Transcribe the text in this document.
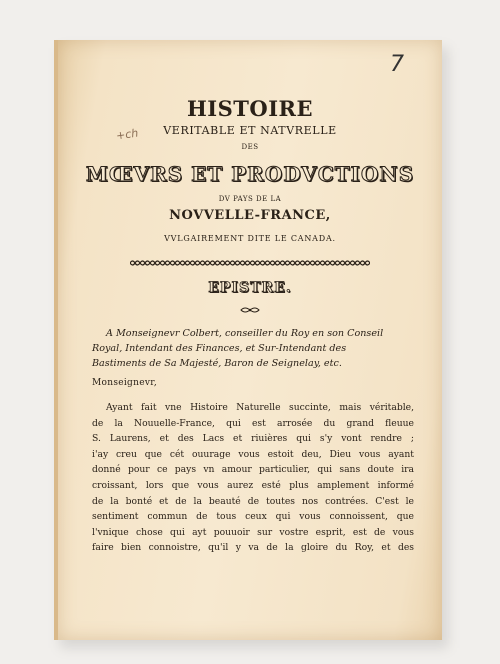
7
+ch
HISTOIRE
VERITABLE ET NATVRELLE
DES
MŒVRS ET PRODVCTIONS
DV PAYS DE LA
NOVVELLE-FRANCE,
VVLGAIREMENT DITE LE CANADA.
EPISTRE.
A Monseignevr Colbert, conseiller du Roy en son Conseil
Royal, Intendant des Finances, et Sur-Intendant des
Bastiments de Sa Majesté, Baron de Seignelay, etc.
Monseignevr,
Ayant fait vne Histoire Naturelle succinte, mais véritable,
de la Nouuelle-France, qui est arrosée du grand fleuue
S. Laurens, et des Lacs et riuières qui s'y vont rendre ;
i'ay creu que cét ouurage vous estoit deu, Dieu vous ayant
donné pour ce pays vn amour particulier, qui sans doute ira
croissant, lors que vous aurez esté plus amplement informé
de la bonté et de la beauté de toutes nos contrées. C'est le
sentiment commun de tous ceux qui vous connoissent, que
l'vnique chose qui ayt pouuoir sur vostre esprit, est de vous
faire bien connoistre, qu'il y va de la gloire du Roy, et des
